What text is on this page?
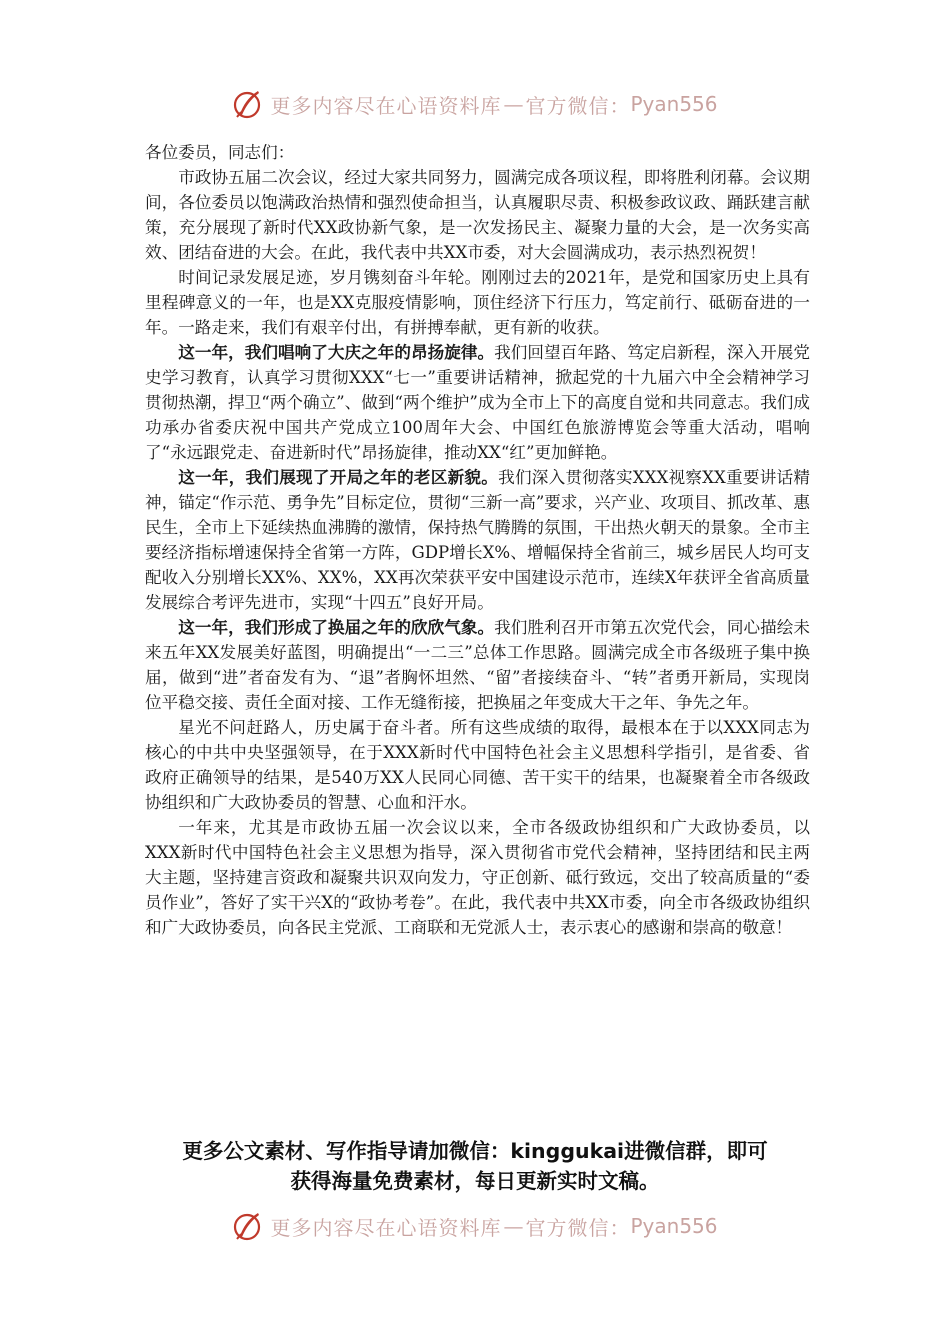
更多内容尽在心语资料库 — 官方微信： Pyan556

各位委员，同志们：

市政协五届二次会议，经过大家共同努力，圆满完成各项议程，即将胜利闭幕。会议期间，各位委员以饱满政治热情和强烈使命担当，认真履职尽责、积极参政议政、踊跃建言献策，充分展现了新时代XX政协新气象，是一次发扬民主、凝聚力量的大会，是一次务实高效、团结奋进的大会。在此，我代表中共XX市委，对大会圆满成功，表示热烈祝贺！

时间记录发展足迹，岁月镌刻奋斗年轮。刚刚过去的2021年，是党和国家历史上具有里程碑意义的一年，也是XX克服疫情影响，顶住经济下行压力，笃定前行、砥砺奋进的一年。一路走来，我们有艰辛付出，有拼搏奉献，更有新的收获。

这一年，我们唱响了大庆之年的昂扬旋律。我们回望百年路、笃定启新程，深入开展党史学习教育，认真学习贯彻XXX“七一”重要讲话精神，掀起党的十九届六中全会精神学习贯彻热潮，捍卫“两个确立”、做到“两个维护”成为全市上下的高度自觉和共同意志。我们成功承办省委庆祝中国共产党成立100周年大会、中国红色旅游博览会等重大活动，唱响了“永远跟党走、奋进新时代”昂扬旋律，推动XX“红”更加鲜艳。

这一年，我们展现了开局之年的老区新貌。我们深入贯彻落实XXX视察XX重要讲话精神，锚定“作示范、勇争先”目标定位，贯彻“三新一高”要求，兴产业、攻项目、抓改革、惠民生，全市上下延续热血沸腾的激情，保持热气腾腾的氛围，干出热火朝天的景象。全市主要经济指标增速保持全省第一方阵，GDP增长X%、增幅保持全省前三，城乡居民人均可支配收入分别增长XX%、XX%，XX再次荣获平安中国建设示范市，连续X年获评全省高质量发展综合考评先进市，实现“十四五”良好开局。

这一年，我们形成了换届之年的欣欣气象。我们胜利召开市第五次党代会，同心描绘未来五年XX发展美好蓝图，明确提出“一二三”总体工作思路。圆满完成全市各级班子集中换届，做到“进”者奋发有为、“退”者胸怀坦然、“留”者接续奋斗、“转”者勇开新局，实现岗位平稳交接、责任全面对接、工作无缝衔接，把换届之年变成大干之年、争先之年。

星光不问赶路人，历史属于奋斗者。所有这些成绩的取得，最根本在于以XXX同志为核心的中共中央坚强领导，在于XXX新时代中国特色社会主义思想科学指引，是省委、省政府正确领导的结果，是540万XX人民同心同德、苦干实干的结果，也凝聚着全市各级政协组织和广大政协委员的智慧、心血和汗水。

一年来，尤其是市政协五届一次会议以来，全市各级政协组织和广大政协委员，以XXX新时代中国特色社会主义思想为指导，深入贯彻省市党代会精神，坚持团结和民主两大主题，坚持建言资政和凝聚共识双向发力，守正创新、砥行致远，交出了较高质量的“委员作业”，答好了实干兴X的“政协考卷”。在此，我代表中共XX市委，向全市各级政协组织和广大政协委员，向各民主党派、工商联和无党派人士，表示衷心的感谢和崇高的敬意！

更多公文素材、写作指导请加微信：kinggukai进微信群，即可
获得海量免费素材，每日更新实时文稿。
更多内容尽在心语资料库 — 官方微信： Pyan556
